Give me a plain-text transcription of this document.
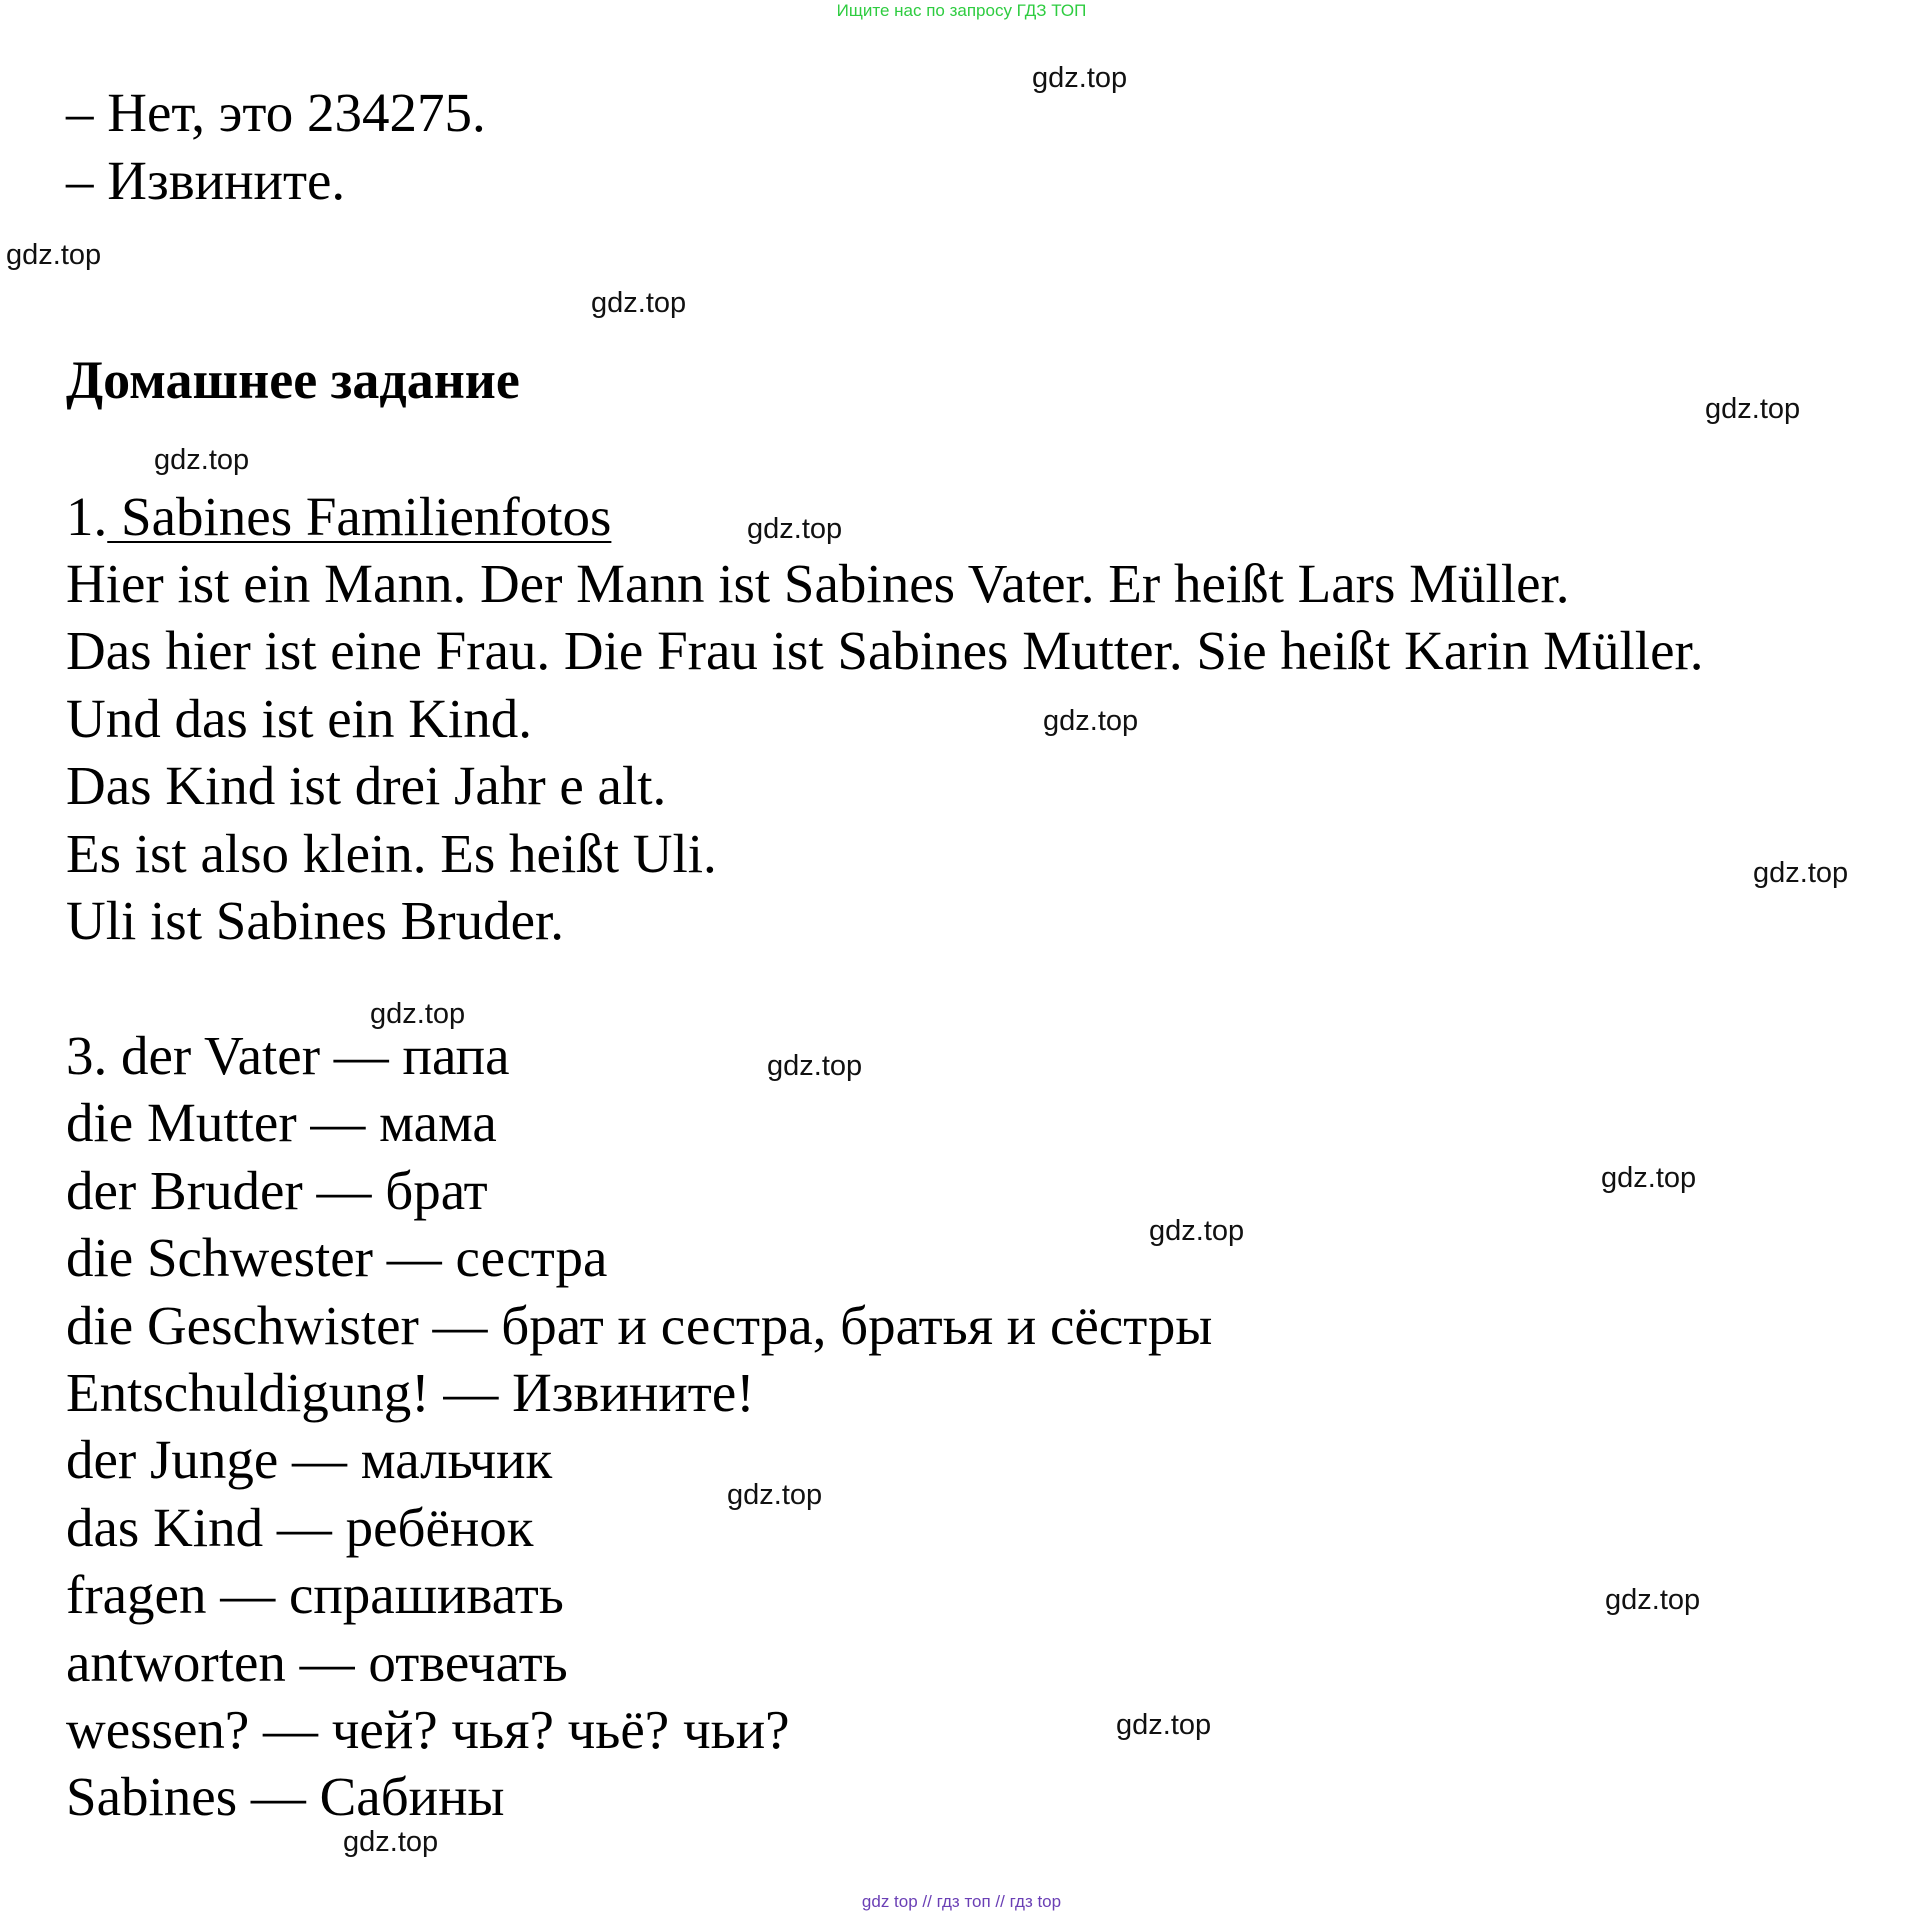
Ищите нас по запросу ГДЗ ТОП
– Нет, это 234275.
– Извините.
Домашнее задание
1. Sabines Familienfotos
Hier ist ein Mann. Der Mann ist Sabines Vater. Er heißt Lars Müller.
Das hier ist eine Frau. Die Frau ist Sabines Mutter. Sie heißt Karin Müller.
Und das ist ein Kind.
Das Kind ist drei Jahr e alt.
Es ist also klein. Es heißt Uli.
Uli ist Sabines Bruder.
3. der Vater — папа
die Mutter — мама
der Bruder — брат
die Schwester — сестра
die Geschwister — брат и сестра, братья и сёстры
Entschuldigung! — Извините!
der Junge — мальчик
das Kind — ребёнок
fragen — спрашивать
antworten — отвечать
wessen? — чей? чья? чьё? чьи?
Sabines — Сабины
gdz.top
gdz.top
gdz.top
gdz.top
gdz.top
gdz.top
gdz.top
gdz.top
gdz.top
gdz.top
gdz.top
gdz.top
gdz.top
gdz.top
gdz.top
gdz.top
gdz top // гдз топ // гдз top
